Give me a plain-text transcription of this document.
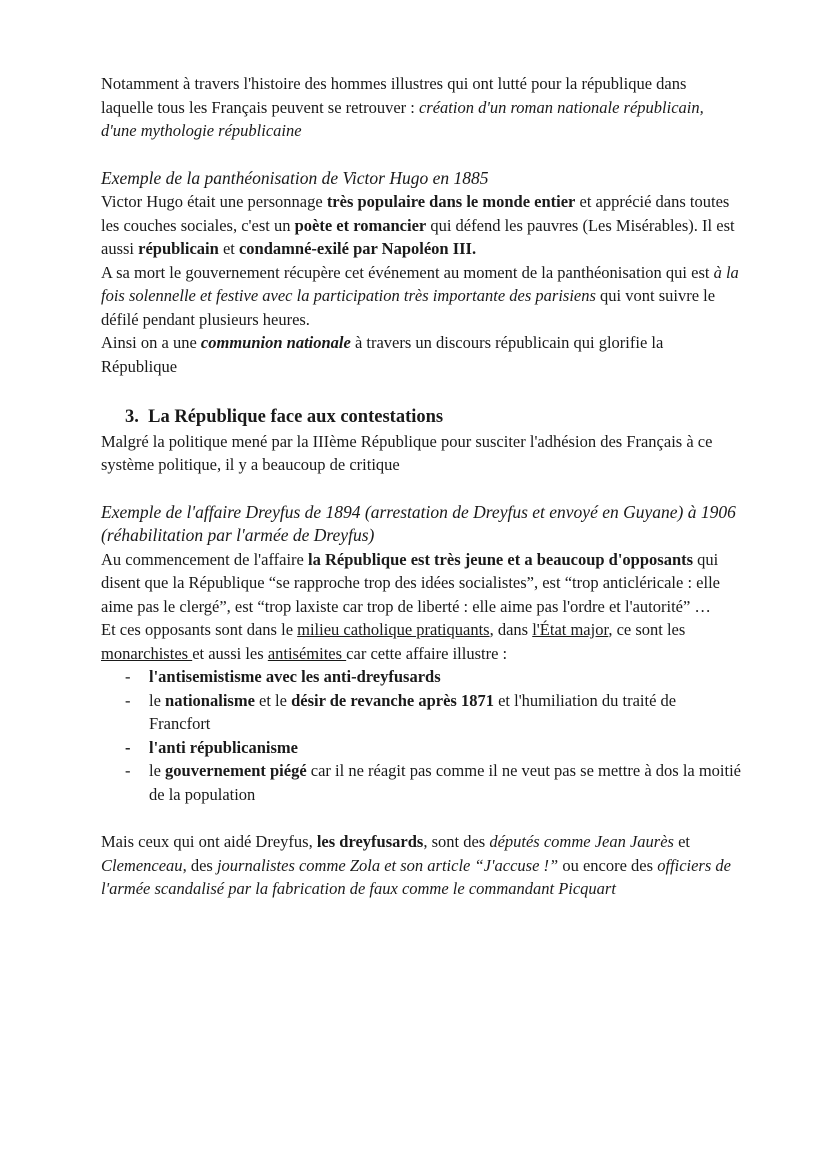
Notamment à travers l'histoire des hommes illustres qui ont lutté pour la république dans laquelle tous les Français peuvent se retrouver : création d'un roman nationale républicain, d'une mythologie républicaine

Exemple de la panthéonisation de Victor Hugo en 1885

Victor Hugo était une personnage très populaire dans le monde entier et apprécié dans toutes les couches sociales, c'est un poète et romancier qui défend les pauvres (Les Misérables). Il est aussi républicain et condamné-exilé par Napoléon III.

A sa mort le gouvernement récupère cet événement au moment de la panthéonisation qui est à la fois solennelle et festive avec la participation très importante des parisiens qui vont suivre le défilé pendant plusieurs heures.

Ainsi on a une communion nationale à travers un discours républicain qui glorifie la République

3. La République face aux contestations

Malgré la politique mené par la IIIème République pour susciter l'adhésion des Français à ce système politique, il y a beaucoup de critique

Exemple de l'affaire Dreyfus de 1894 (arrestation de Dreyfus et envoyé en Guyane) à 1906 (réhabilitation par l'armée de Dreyfus)

Au commencement de l'affaire la République est très jeune et a beaucoup d'opposants qui disent que la République “se rapproche trop des idées socialistes”, est “trop anticléricale : elle aime pas le clergé”, est “trop laxiste car trop de liberté : elle aime pas l'ordre et l'autorité” …

Et ces opposants sont dans le milieu catholique pratiquants, dans l'État major, ce sont les monarchistes et aussi les antisémites car cette affaire illustre :

- l'antisemistisme avec les anti-dreyfusards
- le nationalisme et le désir de revanche après 1871 et l'humiliation du traité de Francfort
- l'anti républicanisme
- le gouvernement piégé car il ne réagit pas comme il ne veut pas se mettre à dos la moitié de la population

Mais ceux qui ont aidé Dreyfus, les dreyfusards, sont des députés comme Jean Jaurès et Clemenceau, des journalistes comme Zola et son article “J'accuse !” ou encore des officiers de l'armée scandalisé par la fabrication de faux comme le commandant Picquart
